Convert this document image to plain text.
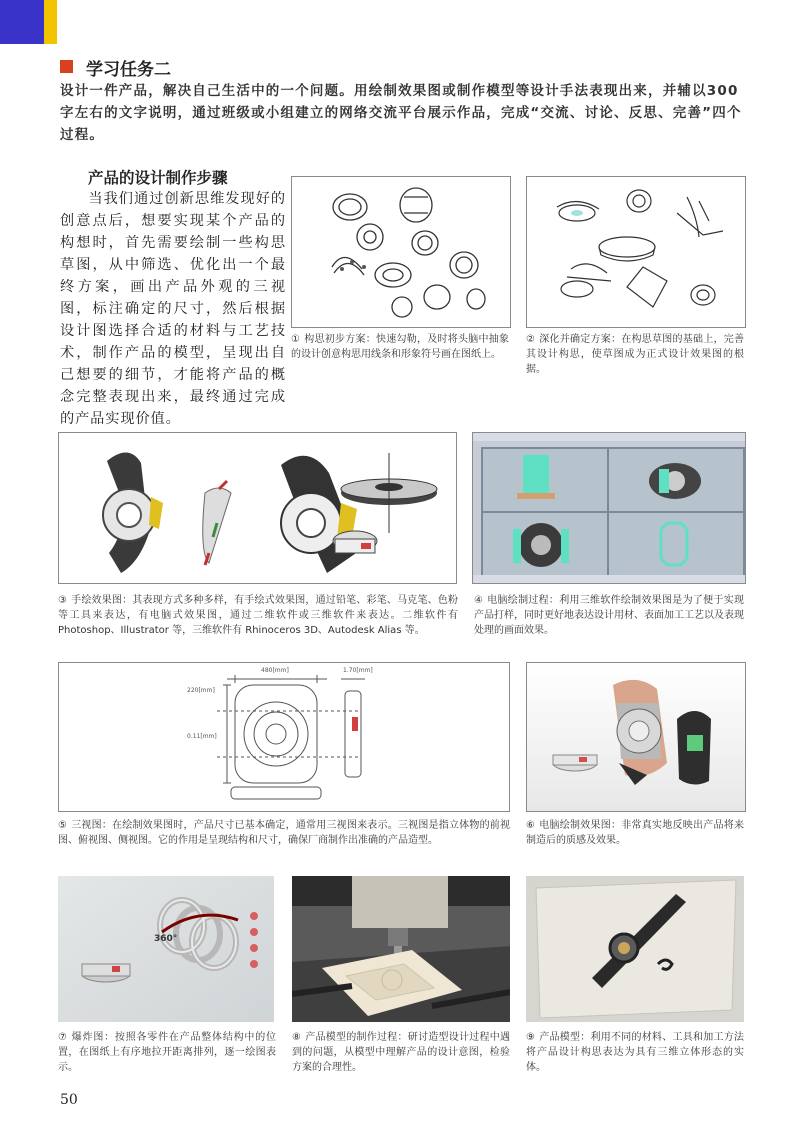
学习任务二
设计一件产品，解决自己生活中的一个问题。用绘制效果图或制作模型等设计手法表现出来，并辅以300字左右的文字说明，通过班级或小组建立的网络交流平台展示作品，完成“交流、讨论、反思、完善”四个过程。
产品的设计制作步骤
当我们通过创新思维发现好的创意点后，想要实现某个产品的构想时，首先需要绘制一些构思草图，从中筛选、优化出一个最终方案，画出产品外观的三视图，标注确定的尺寸，然后根据设计图选择合适的材料与工艺技术，制作产品的模型，呈现出自己想要的细节，才能将产品的概念完整表现出来，最终通过完成的产品实现价值。
① 构思初步方案：快速勾勒，及时将头脑中抽象的设计创意构思用线条和形象符号画在图纸上。
② 深化并确定方案：在构思草图的基础上，完善其设计构思，使草图成为正式设计效果图的根据。
③ 手绘效果图：其表现方式多种多样，有手绘式效果图，通过铅笔、彩笔、马克笔、色粉等工具来表达，有电脑式效果图，通过二维软件或三维软件来表达。二维软件有Photoshop、Illustrator 等，三维软件有 Rhinoceros 3D、Autodesk Alias 等。
④ 电脑绘制过程：利用三维软件绘制效果图是为了便于实现产品打样，同时更好地表达设计用材、表面加工工艺以及表现处理的画面效果。
480[mm]	1.70[mm]
220[mm]
0.11[mm]
⑤ 三视图：在绘制效果图时，产品尺寸已基本确定，通常用三视图来表示。三视图是指立体物的前视图、俯视图、侧视图。它的作用是呈现结构和尺寸，确保厂商制作出准确的产品造型。
⑥ 电脑绘制效果图：非常真实地反映出产品将来制造后的质感及效果。
360°
⑦ 爆炸图：按照各零件在产品整体结构中的位置，在图纸上有序地拉开距离排列，逐一绘图表示。
⑧ 产品模型的制作过程：研讨造型设计过程中遇到的问题，从模型中理解产品的设计意图，检验方案的合理性。
⑨ 产品模型：利用不同的材料、工具和加工方法将产品设计构思表达为具有三维立体形态的实体。
50
